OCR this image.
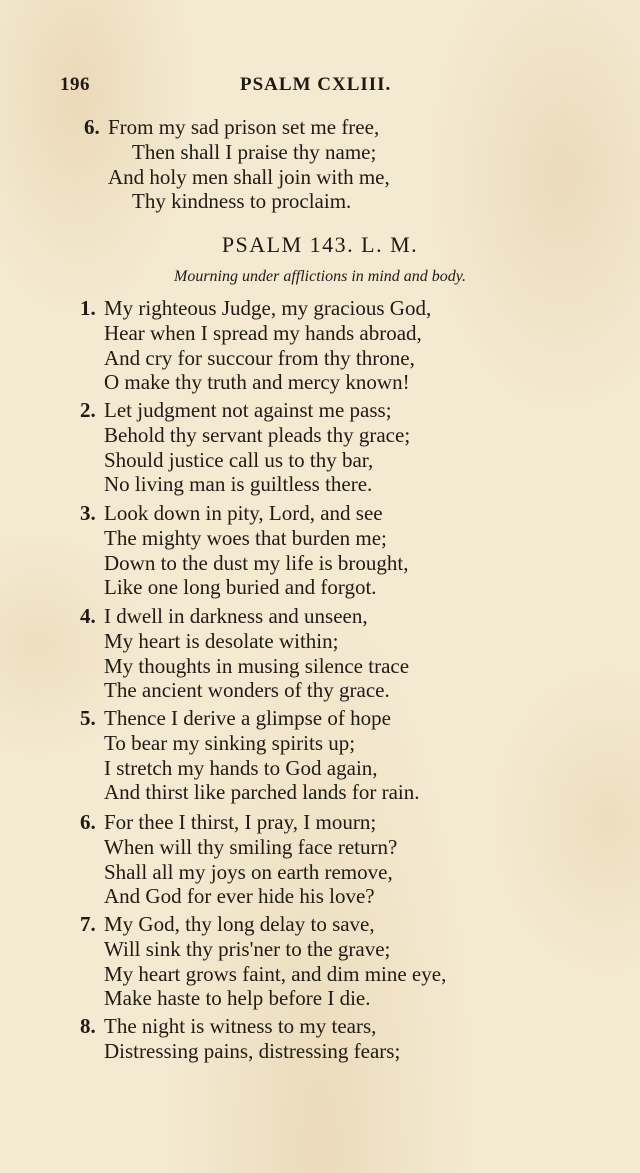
196	PSALM CXLIII.
6. From my sad prison set me free,
Then shall I praise thy name;
And holy men shall join with me,
Thy kindness to proclaim.
PSALM 143. L. M.
Mourning under afflictions in mind and body.
1. My righteous Judge, my gracious God,
Hear when I spread my hands abroad,
And cry for succour from thy throne,
O make thy truth and mercy known!
2. Let judgment not against me pass;
Behold thy servant pleads thy grace;
Should justice call us to thy bar,
No living man is guiltless there.
3. Look down in pity, Lord, and see
The mighty woes that burden me;
Down to the dust my life is brought,
Like one long buried and forgot.
4. I dwell in darkness and unseen,
My heart is desolate within;
My thoughts in musing silence trace
The ancient wonders of thy grace.
5. Thence I derive a glimpse of hope
To bear my sinking spirits up;
I stretch my hands to God again,
And thirst like parched lands for rain.
6. For thee I thirst, I pray, I mourn;
When will thy smiling face return?
Shall all my joys on earth remove,
And God for ever hide his love?
7. My God, thy long delay to save,
Will sink thy pris'ner to the grave;
My heart grows faint, and dim mine eye,
Make haste to help before I die.
8. The night is witness to my tears,
Distressing pains, distressing fears;
